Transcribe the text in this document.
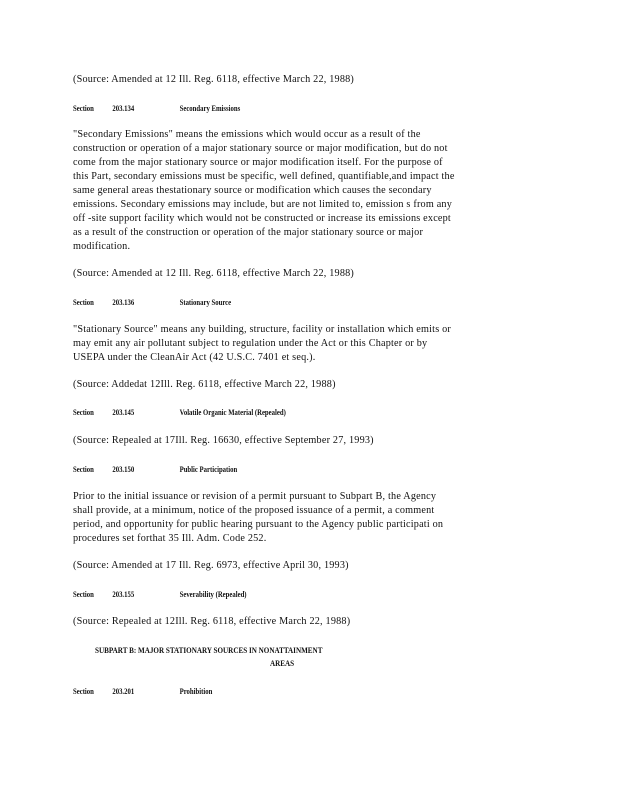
(Source: Amended at 12 Ill. Reg. 6118, effective March 22, 1988)
Section 203.134	Secondary Emissions
"Secondary Emissions" means the emissions which would occur as a result of the
construction or operation of a major stationary source or major modification, but do not
come from the major stationary source or major modification itself. For the purpose of
this Part, secondary emissions must be specific, well defined, quantifiable,and impact the
same general areas thestationary source or modification which causes the secondary
emissions. Secondary emissions may include, but are not limited to, emission s from any
off -site support facility which would not be constructed or increase its emissions except
as a result of the construction or operation of the major stationary source or major
modification.
(Source: Amended at 12 Ill. Reg. 6118, effective March 22, 1988)
Section 203.136	Stationary Source
"Stationary Source" means any building, structure, facility or installation which emits or
may emit any air pollutant subject to regulation under the Act or this Chapter or by
USEPA under the CleanAir Act (42 U.S.C. 7401 et seq.).
(Source: Addedat 12Ill. Reg. 6118, effective March 22, 1988)
Section 203.145	Volatile Organic Material (Repealed)
(Source: Repealed at 17Ill. Reg. 16630, effective September 27, 1993)
Section 203.150	Public Participation
Prior to the initial issuance or revision of a permit pursuant to Subpart B, the Agency
shall provide, at a minimum, notice of the proposed issuance of a permit, a comment
period, and opportunity for public hearing pursuant to the Agency public participati on
procedures set forthat 35 Ill. Adm. Code 252.
(Source: Amended at 17 Ill. Reg. 6973, effective April 30, 1993)
Section 203.155	Severability (Repealed)
(Source: Repealed at 12Ill. Reg. 6118, effective March 22, 1988)
SUBPART B: MAJOR STATIONARY SOURCES IN NONATTAINMENT
AREAS
Section 203.201	Prohibition
